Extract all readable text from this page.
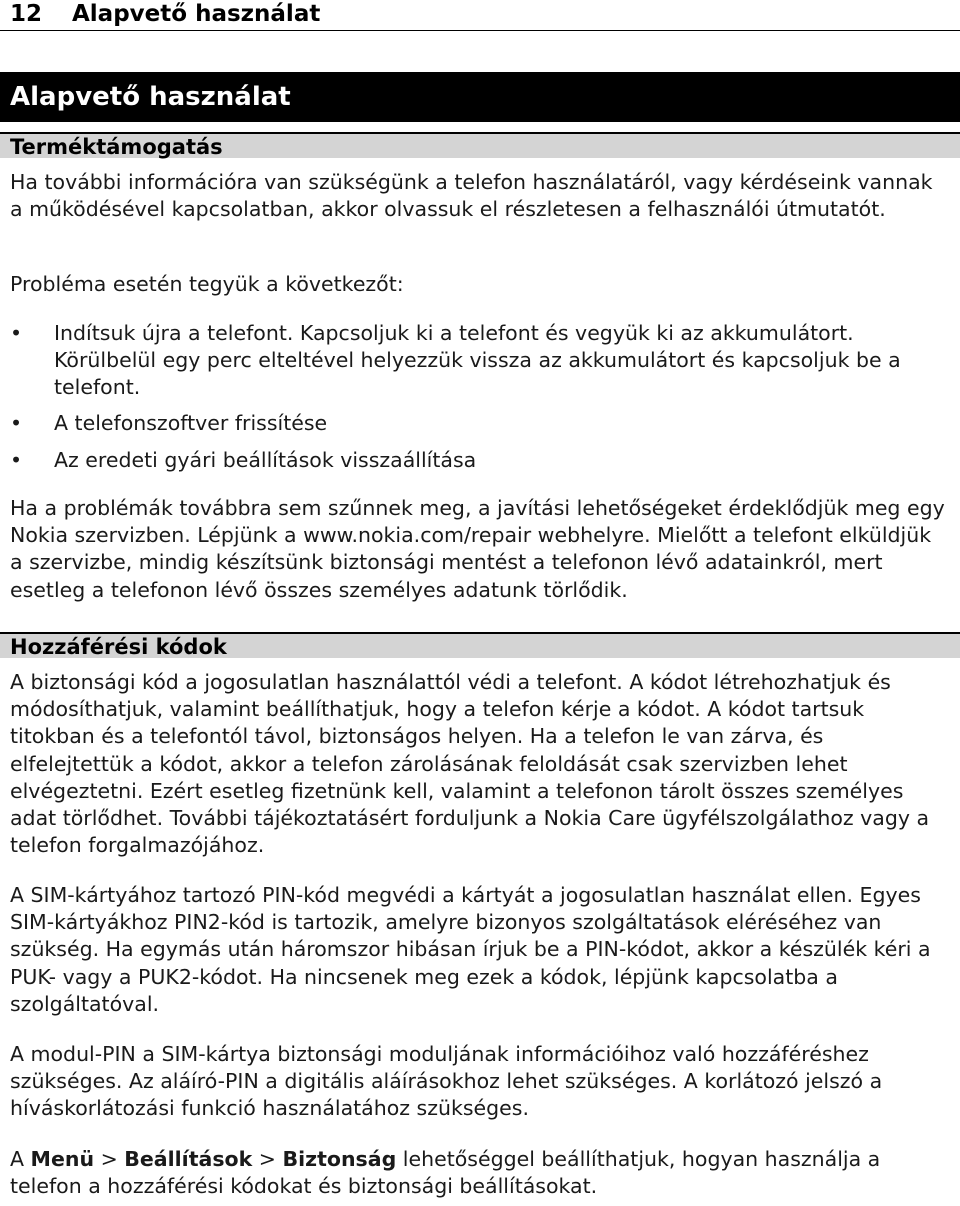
12 Alapvető használat
Alapvető használat
Terméktámogatás

Ha további információra van szükségünk a telefon használatáról, vagy kérdéseink vannak a működésével kapcsolatban, akkor olvassuk el részletesen a felhasználói útmutatót.

Probléma esetén tegyük a következőt:

•	Indítsuk újra a telefont. Kapcsoljuk ki a telefont és vegyük ki az akkumulátort. Körülbelül egy perc elteltével helyezzük vissza az akkumulátort és kapcsoljuk be a telefont.
•	A telefonszoftver frissítése
•	Az eredeti gyári beállítások visszaállítása

Ha a problémák továbbra sem szűnnek meg, a javítási lehetőségeket érdeklődjük meg egy Nokia szervizben. Lépjünk a www.nokia.com/repair webhelyre. Mielőtt a telefont elküldjük a szervizbe, mindig készítsünk biztonsági mentést a telefonon lévő adatainkról, mert esetleg a telefonon lévő összes személyes adatunk törlődik.

Hozzáférési kódok

A biztonsági kód a jogosulatlan használattól védi a telefont. A kódot létrehozhatjuk és módosíthatjuk, valamint beállíthatjuk, hogy a telefon kérje a kódot. A kódot tartsuk titokban és a telefontól távol, biztonságos helyen. Ha a telefon le van zárva, és elfelejtettük a kódot, akkor a telefon zárolásának feloldását csak szervizben lehet elvégeztetni. Ezért esetleg fizetnünk kell, valamint a telefonon tárolt összes személyes adat törlődhet. További tájékoztatásért forduljunk a Nokia Care ügyfélszolgálathoz vagy a telefon forgalmazójához.

A SIM-kártyához tartozó PIN-kód megvédi a kártyát a jogosulatlan használat ellen. Egyes SIM-kártyákhoz PIN2-kód is tartozik, amelyre bizonyos szolgáltatások eléréséhez van szükség. Ha egymás után háromszor hibásan írjuk be a PIN-kódot, akkor a készülék kéri a PUK- vagy a PUK2-kódot. Ha nincsenek meg ezek a kódok, lépjünk kapcsolatba a szolgáltatóval.

A modul-PIN a SIM-kártya biztonsági moduljának információihoz való hozzáféréshez szükséges. Az aláíró-PIN a digitális aláírásokhoz lehet szükséges. A korlátozó jelszó a híváskorlátozási funkció használatához szükséges.

A Menü > Beállítások > Biztonság lehetőséggel beállíthatjuk, hogyan használja a telefon a hozzáférési kódokat és biztonsági beállításokat.
